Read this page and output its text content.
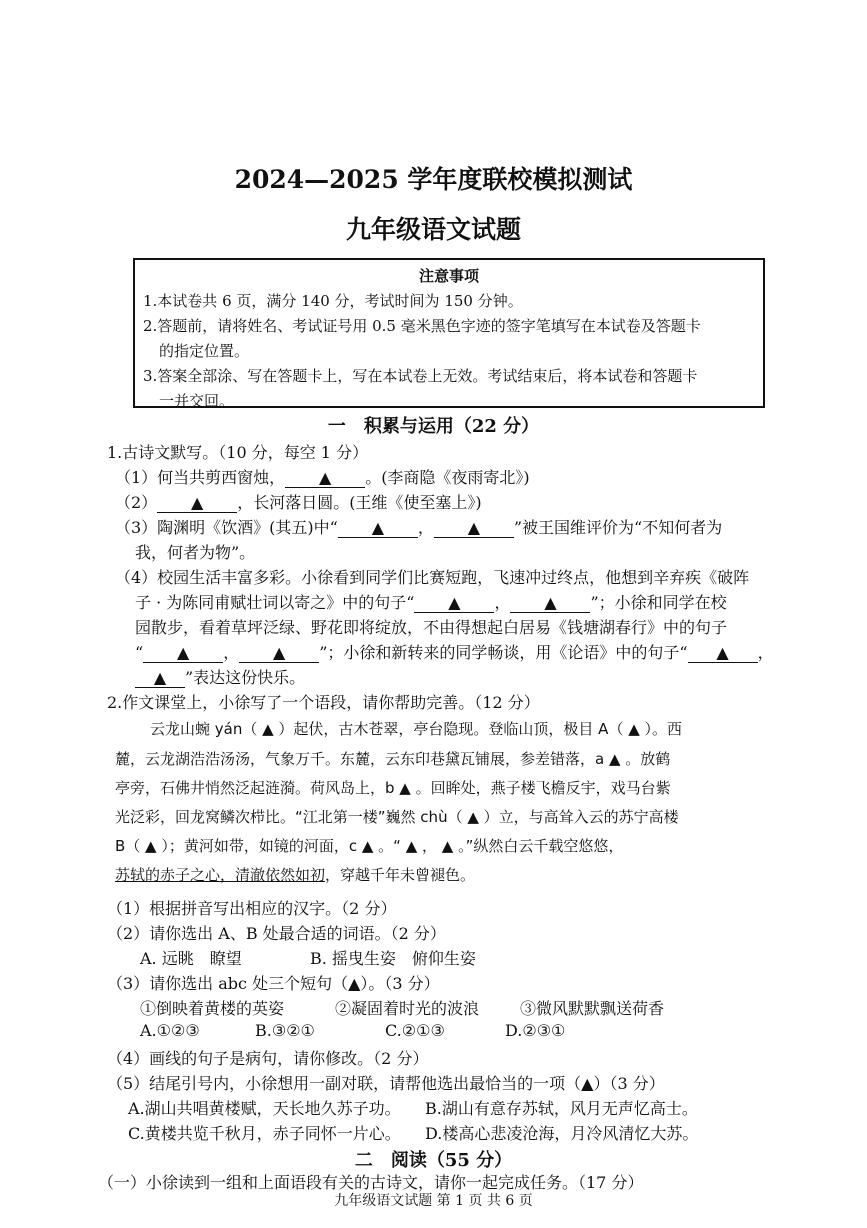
2024—2025 学年度联校模拟测试
九年级语文试题
注意事项

1.本试卷共 6 页，满分 140 分，考试时间为 150 分钟。

2.答题前，请将姓名、考试证号用 0.5 毫米黑色字迹的签字笔填写在本试卷及答题卡

的指定位置。

3.答案全部涂、写在答题卡上，写在本试卷上无效。考试结束后，将本试卷和答题卡

一并交回。

一　积累与运用（22 分）
1.古诗文默写。（10 分，每空 1 分）
（1）何当共剪西窗烛， ▲ 。(李商隐《夜雨寄北》)
（2） ▲ ，长河落日圆。(王维《使至塞上》)
（3）陶渊明《饮酒》(其五)中“ ▲ ， ▲ ”被王国维评价为“不知何者为
我，何者为物”。
（4）校园生活丰富多彩。小徐看到同学们比赛短跑，飞速冲过终点，他想到辛弃疾《破阵
子 · 为陈同甫赋壮词以寄之》中的句子“ ▲ ， ▲ ”；小徐和同学在校
园散步，看着草坪泛绿、野花即将绽放，不由得想起白居易《钱塘湖春行》中的句子
“ ▲ ， ▲ ”；小徐和新转来的同学畅谈，用《论语》中的句子“ ▲ ，
▲ ”表达这份快乐。
2.作文课堂上，小徐写了一个语段，请你帮助完善。（12 分）
云龙山蜿 yán（ ▲ ）起伏，古木苍翠，亭台隐现。登临山顶，极目 A（ ▲ ）。西
麓，云龙湖浩浩汤汤，气象万千。东麓，云东印巷黛瓦铺展，参差错落，a ▲ 。放鹤
亭旁，石佛井悄然泛起涟漪。荷风岛上，b ▲ 。回眸处，燕子楼飞檐反宇，戏马台紫
光泛彩，回龙窝鳞次栉比。“江北第一楼”巍然 chù（ ▲ ）立，与高耸入云的苏宁高楼
B（ ▲ ）；黄河如带，如镜的河面，c ▲ 。“ ▲ ， ▲ 。”纵然白云千载空悠悠，
苏轼的赤子之心，清澈依然如初，穿越千年未曾褪色。
（1）根据拼音写出相应的汉字。（2 分）
（2）请你选出 A、B 处最合适的词语。（2 分）
A. 远眺　瞭望	B. 摇曳生姿　俯仰生姿
（3）请你选出 abc 处三个短句（▲）。（3 分）
①倒映着黄楼的英姿	②凝固着时光的波浪	③微风默默飘送荷香
A.①②③	B.③②①	C.②①③	D.②③①
（4）画线的句子是病句，请你修改。（2 分）
（5）结尾引号内，小徐想用一副对联，请帮他选出最恰当的一项（▲）（3 分）
A.湖山共唱黄楼赋，天长地久苏子功。 B.湖山有意存苏轼，风月无声忆高士。
C.黄楼共览千秋月，赤子同怀一片心。 D.楼高心悲凌沧海，月冷风清忆大苏。
九年级语文试题 第 1 页 共 6 页
二　阅读（55 分）
（一）小徐读到一组和上面语段有关的古诗文，请你一起完成任务。（17 分）
